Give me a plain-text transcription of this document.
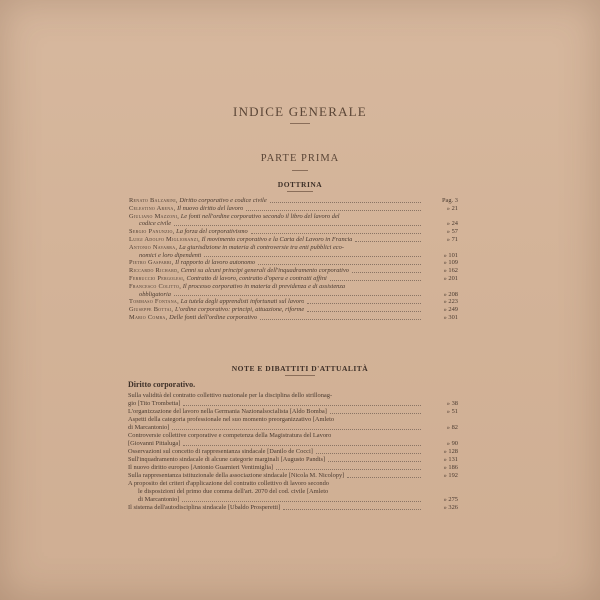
INDICE GENERALE
PARTE PRIMA
DOTTRINA
Renato Balzarini, Diritto corporativo e codice civile	Pag. 3
Celestino Arena, Il nuovo diritto del lavoro	» 21
Giuliano Mazzoni, Le fonti nell'ordine corporativo secondo il libro del lavoro del
codice civile	» 24
Sergio Panunzio, La forza del corporativismo	» 57
Luigi Adolfo Miglioranzi, Il movimento corporativo e la Carta del Lavoro in Francia	» 71
Antonio Navarra, La giurisdizione in materia di controversie tra enti pubblici eco-
nomici e loro dipendenti	» 101
Pietro Gasparri, Il rapporto di lavoro autonomo	» 109
Riccardo Richard, Cenni su alcuni principi generali dell'inquadramento corporativo	» 162
Ferruccio Pergolesi, Contratto di lavoro, contratto d'opera e contratti affini	» 201
Francesco Colitto, Il processo corporativo in materia di previdenza e di assistenza
obbligatoria	» 208
Tommaso Fontana, La tutela degli apprendisti infortunati sul lavoro	» 223
Giuseppe Bottai, L'ordine corporativo: principi, attuazione, riforme	» 249
Mario Comba, Delle fonti dell'ordine corporativo	» 301
NOTE E DIBATTITI D'ATTUALITÀ
Diritto corporativo.
Sulla validità del contratto collettivo nazionale per la disciplina dello strillonag-
gio [Tito Trombetta]	» 38
L'organizzazione del lavoro nella Germania Nazionalsocialista [Aldo Bomba]	» 51
Aspetti della categoria professionale nel suo momento preorganizzativo [Amleto
di Marcantonio]	» 82
Controversie collettive corporative e competenza della Magistratura del Lavoro
[Giovanni Pittaluga]	» 90
Osservazioni sul concetto di rappresentanza sindacale [Danilo de Cocci]	» 128
Sull'inquadramento sindacale di alcune categorie marginali [Augusto Pandis]	» 131
Il nuovo diritto europeo [Antonio Guarnieri Ventimiglia]	» 186
Sulla rappresentanza istituzionale della associazione sindacale [Nicola M. Nicolopy]	» 192
A proposito dei criteri d'applicazione del contratto collettivo di lavoro secondo
le disposizioni del primo due comma dell'art. 2070 del cod. civile [Amleto
di Marcantonio]	» 275
Il sistema dell'autodisciplina sindacale [Ubaldo Prosperetti]	» 326
